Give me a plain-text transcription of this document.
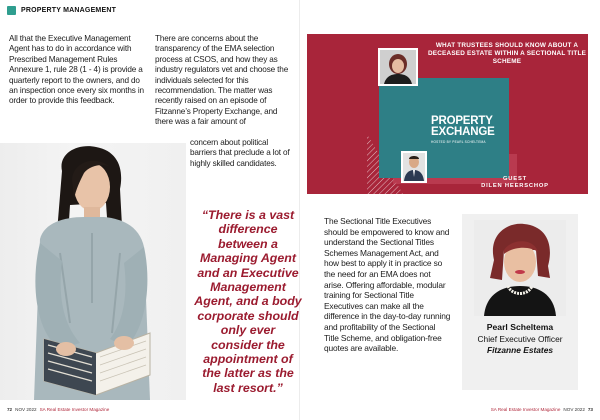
PROPERTY MANAGEMENT

All that the Executive Management Agent has to do in accordance with Prescribed Management Rules Annexure 1, rule 28 (1 - 4) is provide a quarterly report to the owners, and do an inspection once every six months in order to provide this feedback.

There are concerns about the transparency of the EMA selection process at CSOS, and how they as industry regulators vet and choose the individuals selected for this recommendation. The matter was recently raised on an episode of Fitzanne’s Property Exchange, and there was a fair amount of

concern about political barriers that preclude a lot of highly skilled candidates.

“There is a vast difference between a Managing Agent and an Executive Management Agent, and a body corporate should only ever consider the appointment of the latter as the last resort.”
WHAT TRUSTEES SHOULD KNOW ABOUT A DECEASED ESTATE WITHIN A SECTIONAL TITLE SCHEME
PROPERTY
EXCHANGE
HOSTED BY PEARL SCHELTEMA
GUEST
DILEN HEERSCHOP

The Sectional Title Executives should be empowered to know and understand the Sectional Titles Schemes Management Act, and how best to apply it in practice so the need for an EMA does not arise. Offering affordable, modular training for Sectional Title Executives can make all the difference in the day-to-day running and profitability of the Sectional Title Scheme, and obligation-free quotes are available.

Pearl Scheltema
Chief Executive Officer
Fitzanne Estates
72 NOV 2022 SA Real Estate Investor Magazine	SA Real Estate Investor Magazine NOV 2022 73
